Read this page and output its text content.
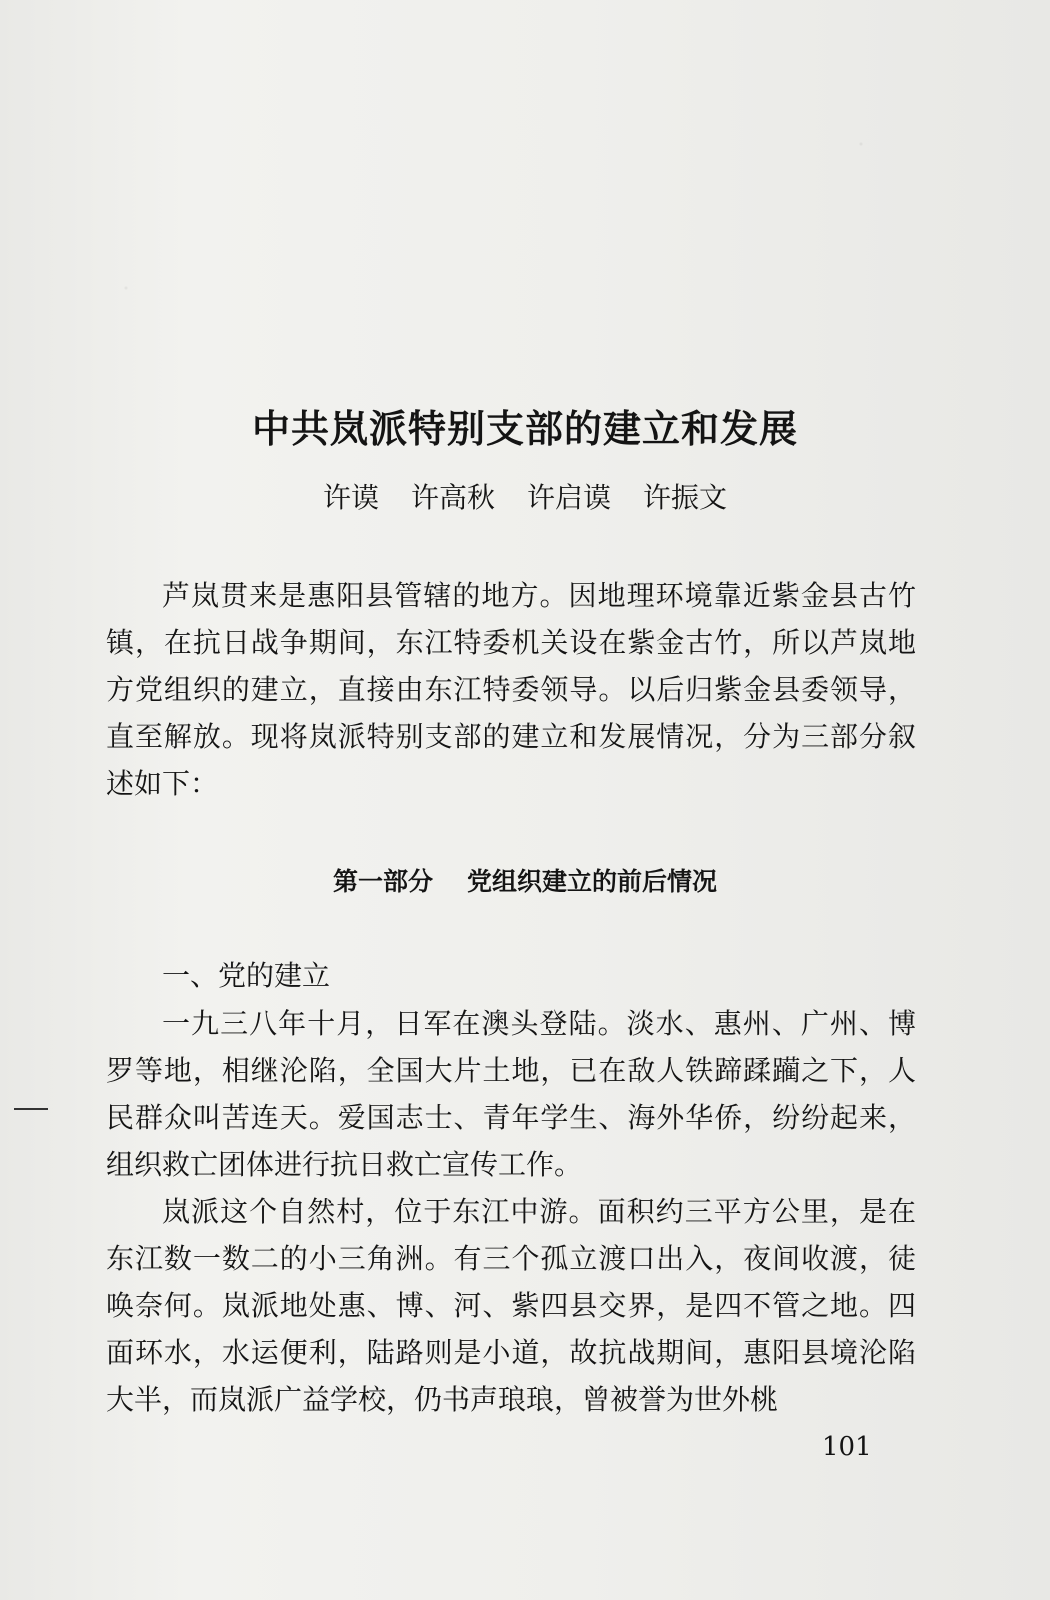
中共岚派特别支部的建立和发展
许谟 许高秋 许启谟 许振文

芦岚贯来是惠阳县管辖的地方。因地理环境靠近紫金县古竹镇，在抗日战争期间，东江特委机关设在紫金古竹，所以芦岚地方党组织的建立，直接由东江特委领导。以后归紫金县委领导，直至解放。现将岚派特别支部的建立和发展情况，分为三部分叙述如下：

第一部分 党组织建立的前后情况

一、党的建立

一九三八年十月，日军在澳头登陆。淡水、惠州、广州、博罗等地，相继沦陷，全国大片土地，已在敌人铁蹄蹂躏之下，人民群众叫苦连天。爱国志士、青年学生、海外华侨，纷纷起来，组织救亡团体进行抗日救亡宣传工作。

岚派这个自然村，位于东江中游。面积约三平方公里，是在东江数一数二的小三角洲。有三个孤立渡口出入，夜间收渡，徒唤奈何。岚派地处惠、博、河、紫四县交界，是四不管之地。四面环水，水运便利，陆路则是小道，故抗战期间，惠阳县境沦陷大半，而岚派广益学校，仍书声琅琅，曾被誉为世外桃

101
